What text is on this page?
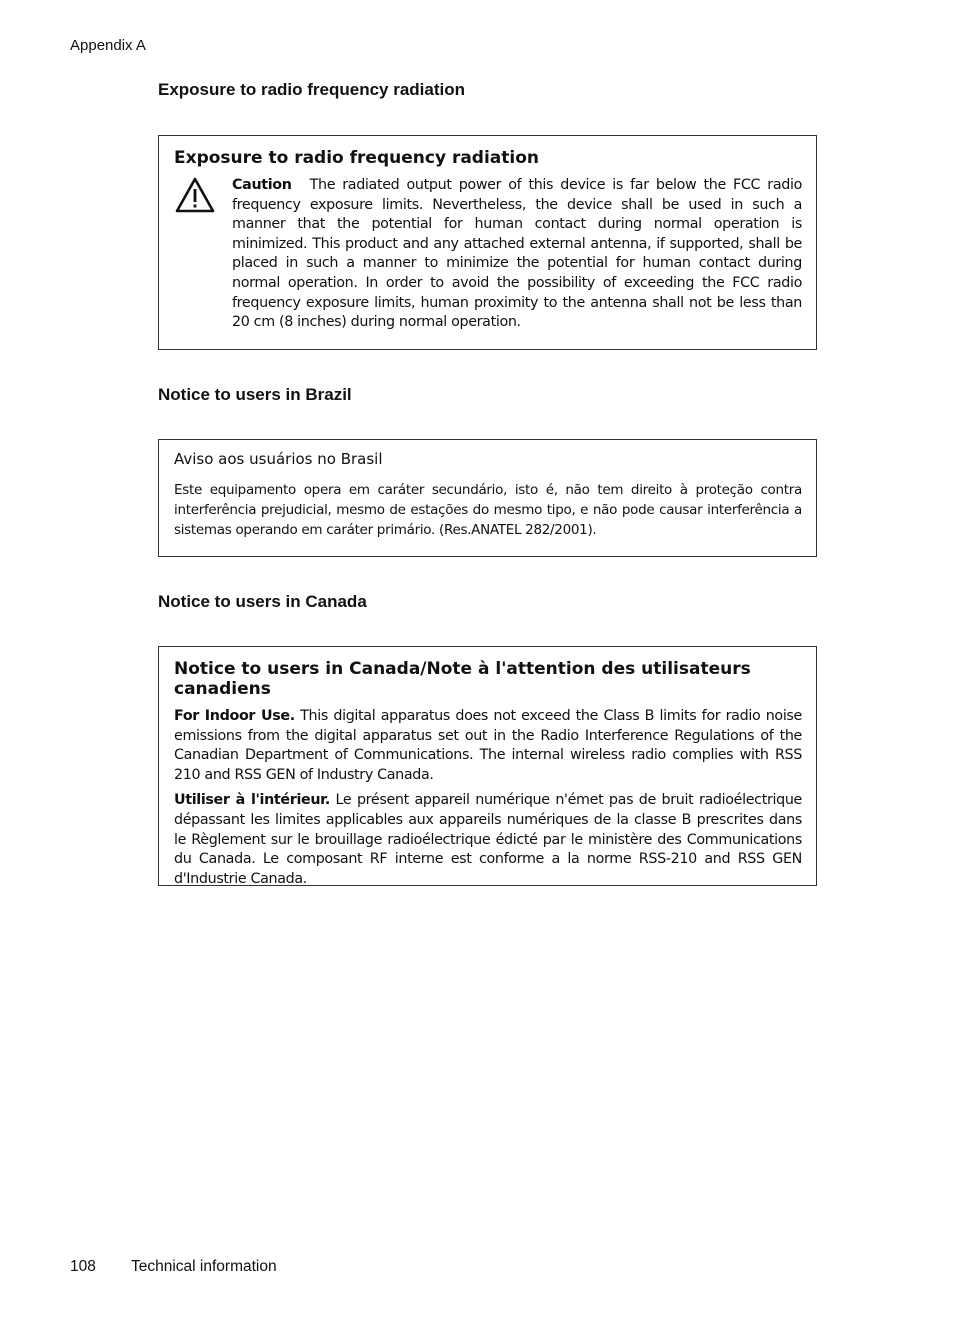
Appendix A
Exposure to radio frequency radiation
Exposure to radio frequency radiation

Caution The radiated output power of this device is far below the FCC radio frequency exposure limits. Nevertheless, the device shall be used in such a manner that the potential for human contact during normal operation is minimized. This product and any attached external antenna, if supported, shall be placed in such a manner to minimize the potential for human contact during normal operation. In order to avoid the possibility of exceeding the FCC radio frequency exposure limits, human proximity to the antenna shall not be less than 20 cm (8 inches) during normal operation.

Notice to users in Brazil
Aviso aos usuários no Brasil

Este equipamento opera em caráter secundário, isto é, não tem direito à proteção contra interferência prejudicial, mesmo de estações do mesmo tipo, e não pode causar interferência a sistemas operando em caráter primário. (Res.ANATEL 282/2001).

Notice to users in Canada
Notice to users in Canada/Note à l'attention des utilisateurs canadiens

For Indoor Use. This digital apparatus does not exceed the Class B limits for radio noise emissions from the digital apparatus set out in the Radio Interference Regulations of the Canadian Department of Communications. The internal wireless radio complies with RSS 210 and RSS GEN of Industry Canada.

Utiliser à l'intérieur. Le présent appareil numérique n'émet pas de bruit radioélectrique dépassant les limites applicables aux appareils numériques de la classe B prescrites dans le Règlement sur le brouillage radioélectrique édicté par le ministère des Communications du Canada. Le composant RF interne est conforme a la norme RSS-210 and RSS GEN d'Industrie Canada.

108 Technical information
